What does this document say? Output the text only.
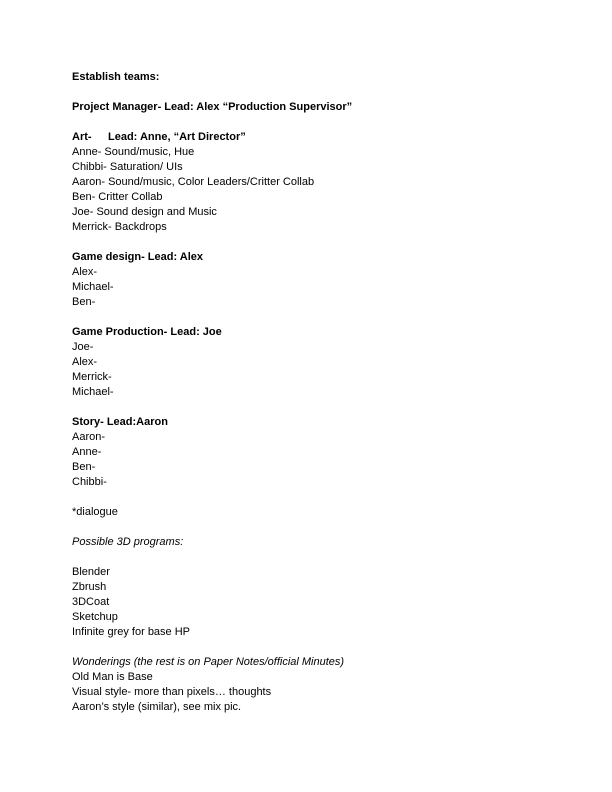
Establish teams:

Project Manager- Lead: Alex “Production Supervisor”

Art- Lead: Anne, “Art Director”
Anne- Sound/music, Hue
Chibbi- Saturation/ UIs
Aaron- Sound/music, Color Leaders/Critter Collab
Ben- Critter Collab
Joe- Sound design and Music
Merrick- Backdrops

Game design- Lead: Alex
Alex-
Michael-
Ben-

Game Production- Lead: Joe
Joe-
Alex-
Merrick-
Michael-

Story- Lead:Aaron
Aaron-
Anne-
Ben-
Chibbi-

*dialogue

Possible 3D programs:

Blender
Zbrush
3DCoat
Sketchup
Infinite grey for base HP

Wonderings (the rest is on Paper Notes/official Minutes)
Old Man is Base
Visual style- more than pixels… thoughts
Aaron’s style (similar), see mix pic.
